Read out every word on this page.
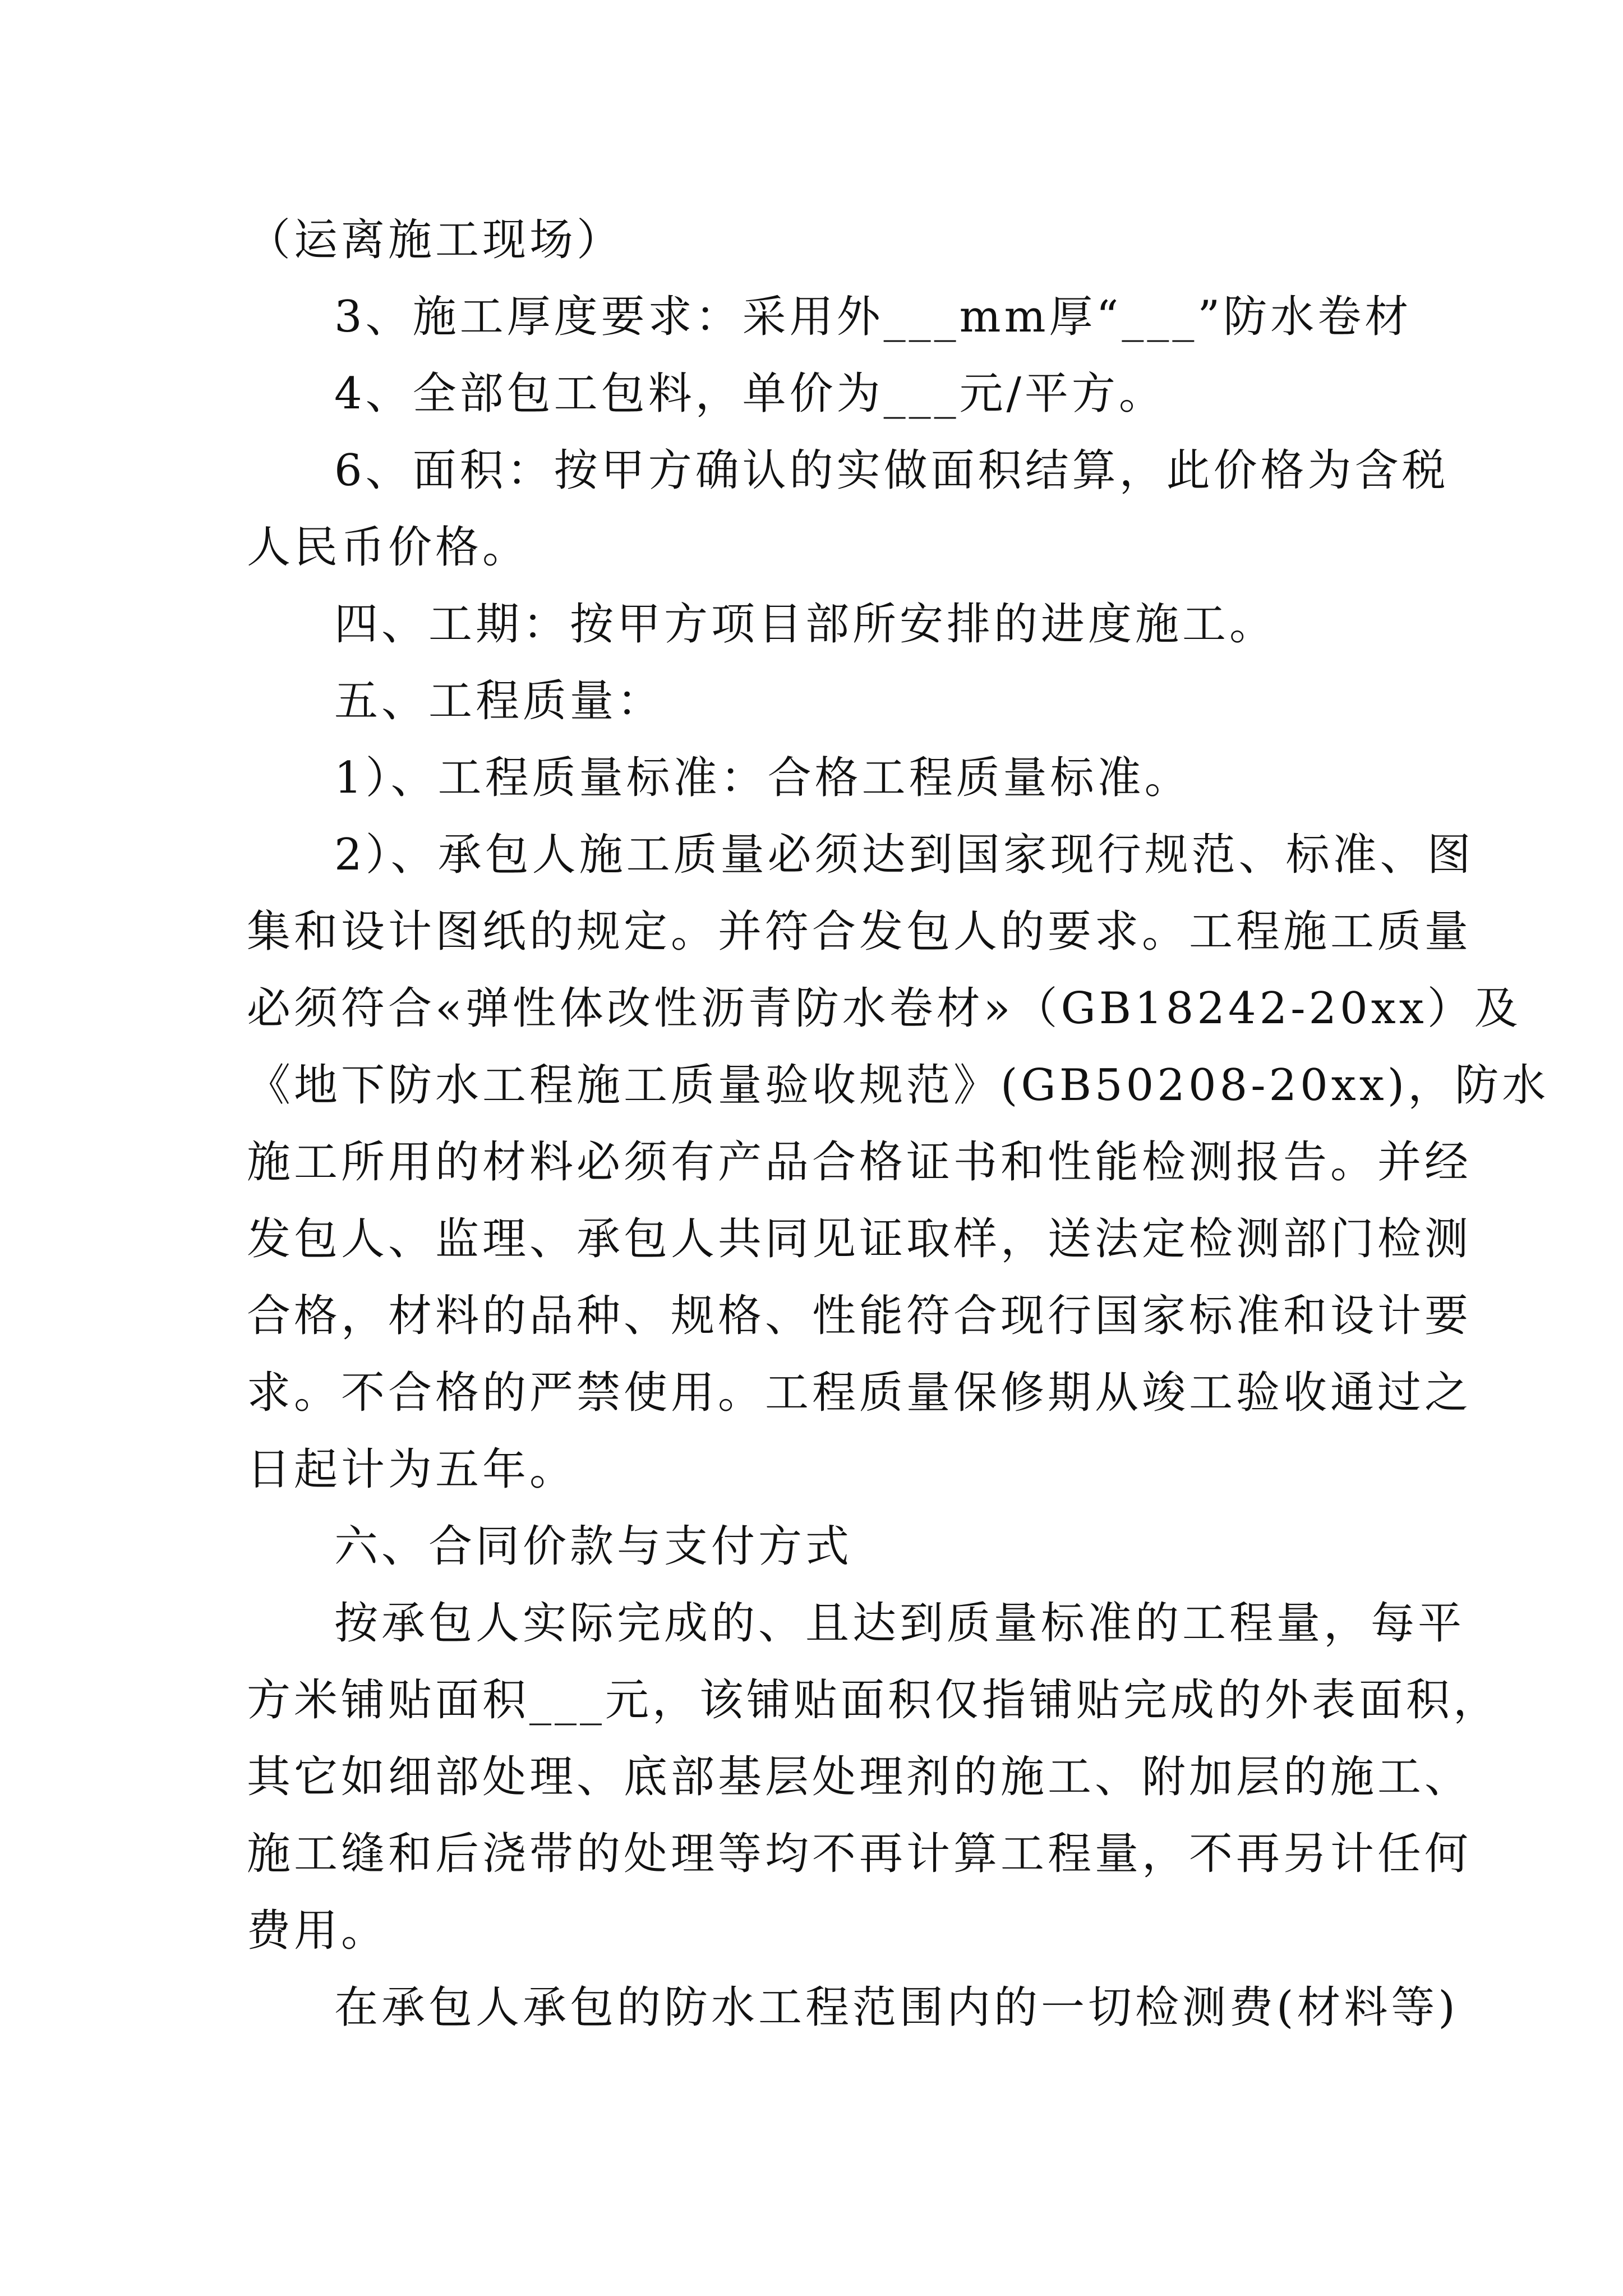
（运离施工现场）
3、施工厚度要求：采用外___mm厚“___”防水卷材
4、全部包工包料，单价为___元/平方。
6、面积：按甲方确认的实做面积结算，此价格为含税
人民币价格。
四、工期：按甲方项目部所安排的进度施工。
五、工程质量：
1）、工程质量标准：合格工程质量标准。
2）、承包人施工质量必须达到国家现行规范、标准、图
集和设计图纸的规定。并符合发包人的要求。工程施工质量
必须符合«弹性体改性沥青防水卷材»（GB18242-20xx）及
《地下防水工程施工质量验收规范》(GB50208-20xx)，防水
施工所用的材料必须有产品合格证书和性能检测报告。并经
发包人、监理、承包人共同见证取样，送法定检测部门检测
合格，材料的品种、规格、性能符合现行国家标准和设计要
求。不合格的严禁使用。工程质量保修期从竣工验收通过之
日起计为五年。
六、合同价款与支付方式
按承包人实际完成的、且达到质量标准的工程量，每平
方米铺贴面积___元，该铺贴面积仅指铺贴完成的外表面积，
其它如细部处理、底部基层处理剂的施工、附加层的施工、
施工缝和后浇带的处理等均不再计算工程量，不再另计任何
费用。
在承包人承包的防水工程范围内的一切检测费(材料等)
